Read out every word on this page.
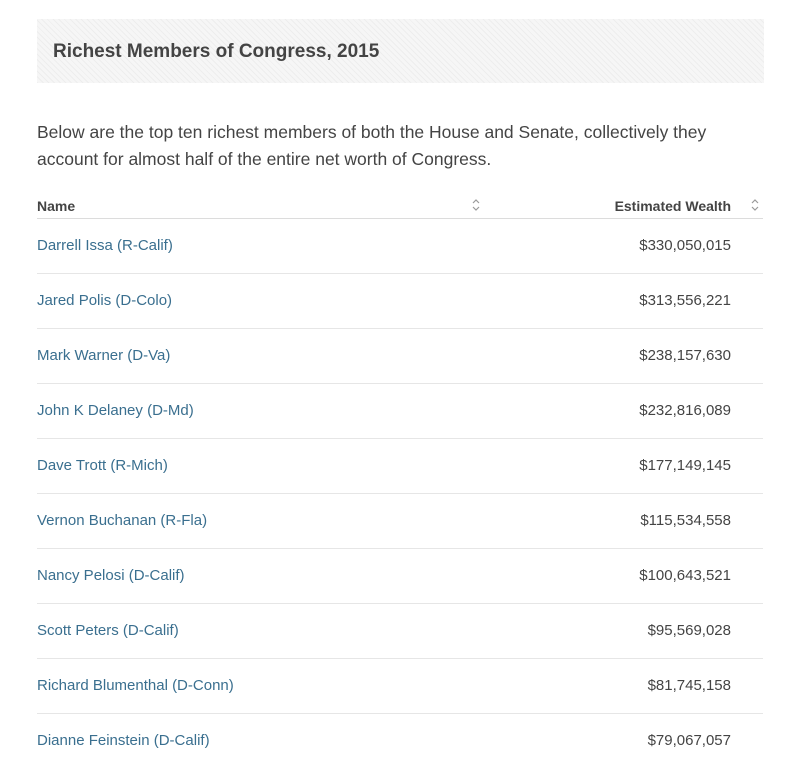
Richest Members of Congress, 2015

Below are the top ten richest members of both the House and Senate, collectively they account for almost half of the entire net worth of Congress.

Name	Estimated Wealth
Darrell Issa (R-Calif)	$330,050,015
Jared Polis (D-Colo)	$313,556,221
Mark Warner (D-Va)	$238,157,630
John K Delaney (D-Md)	$232,816,089
Dave Trott (R-Mich)	$177,149,145
Vernon Buchanan (R-Fla)	$115,534,558
Nancy Pelosi (D-Calif)	$100,643,521
Scott Peters (D-Calif)	$95,569,028
Richard Blumenthal (D-Conn)	$81,745,158
Dianne Feinstein (D-Calif)	$79,067,057
